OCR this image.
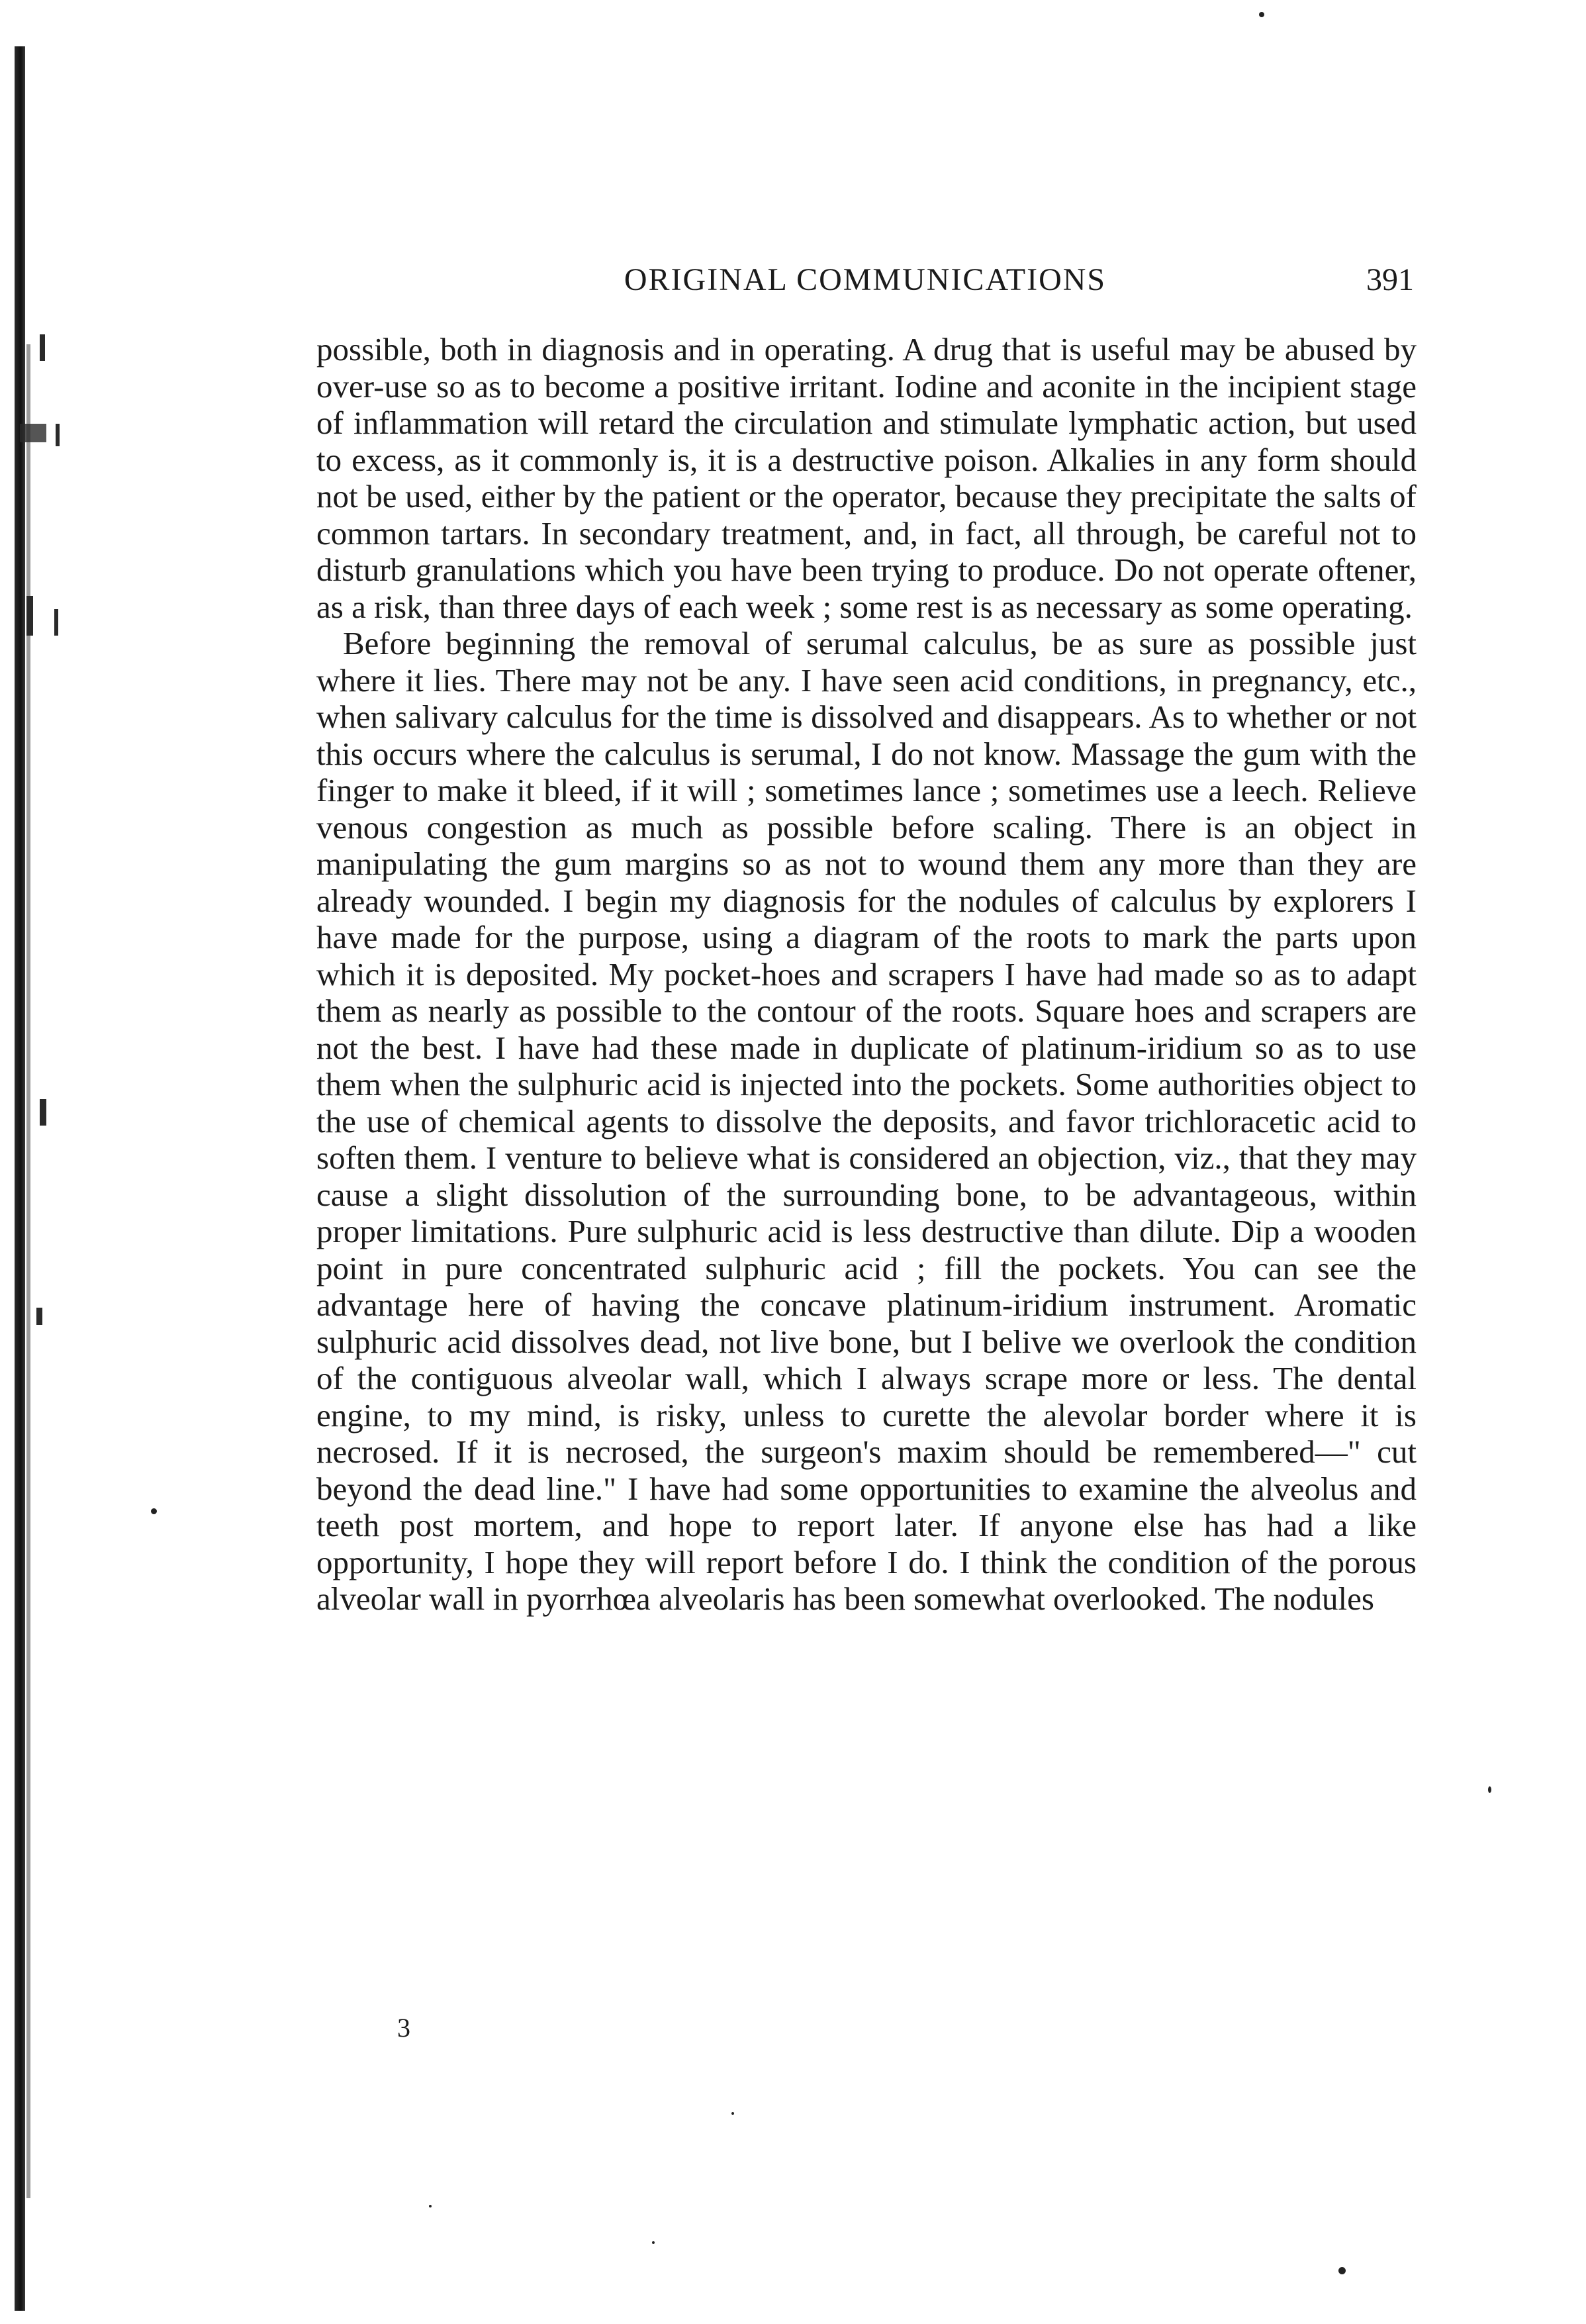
ORIGINAL COMMUNICATIONS	391

possible, both in diagnosis and in operating. A drug that is useful may be abused by over-use so as to become a positive irritant. Iodine and aconite in the incipient stage of inflammation will retard the circulation and stimulate lymphatic action, but used to excess, as it commonly is, it is a destructive poison. Alkalies in any form should not be used, either by the patient or the operator, because they precipitate the salts of common tartars. In secondary treatment, and, in fact, all through, be careful not to disturb granulations which you have been trying to produce. Do not operate oftener, as a risk, than three days of each week ; some rest is as necessary as some operating.

Before beginning the removal of serumal calculus, be as sure as possible just where it lies. There may not be any. I have seen acid conditions, in pregnancy, etc., when salivary calculus for the time is dissolved and disappears. As to whether or not this occurs where the calculus is serumal, I do not know. Massage the gum with the finger to make it bleed, if it will ; sometimes lance ; sometimes use a leech. Relieve venous congestion as much as possible before scaling. There is an object in manipulating the gum margins so as not to wound them any more than they are already wounded. I begin my diagnosis for the nodules of calculus by explorers I have made for the purpose, using a diagram of the roots to mark the parts upon which it is deposited. My pocket-hoes and scrapers I have had made so as to adapt them as nearly as possible to the contour of the roots. Square hoes and scrapers are not the best. I have had these made in duplicate of platinum-iridium so as to use them when the sulphuric acid is injected into the pockets. Some authorities object to the use of chemical agents to dissolve the deposits, and favor trichloracetic acid to soften them. I venture to believe what is considered an objection, viz., that they may cause a slight dissolution of the surrounding bone, to be advantageous, within proper limitations. Pure sulphuric acid is less destructive than dilute. Dip a wooden point in pure concentrated sulphuric acid ; fill the pockets. You can see the advantage here of having the concave platinum-iridium instrument. Aromatic sulphuric acid dissolves dead, not live bone, but I belive we overlook the condition of the contiguous alveolar wall, which I always scrape more or less. The dental engine, to my mind, is risky, unless to curette the alevolar border where it is necrosed. If it is necrosed, the surgeon's maxim should be remembered—" cut beyond the dead line." I have had some opportunities to examine the alveolus and teeth post mortem, and hope to report later. If anyone else has had a like opportunity, I hope they will report before I do. I think the condition of the porous alveolar wall in pyorrhœa alveolaris has been somewhat overlooked. The nodules

3
